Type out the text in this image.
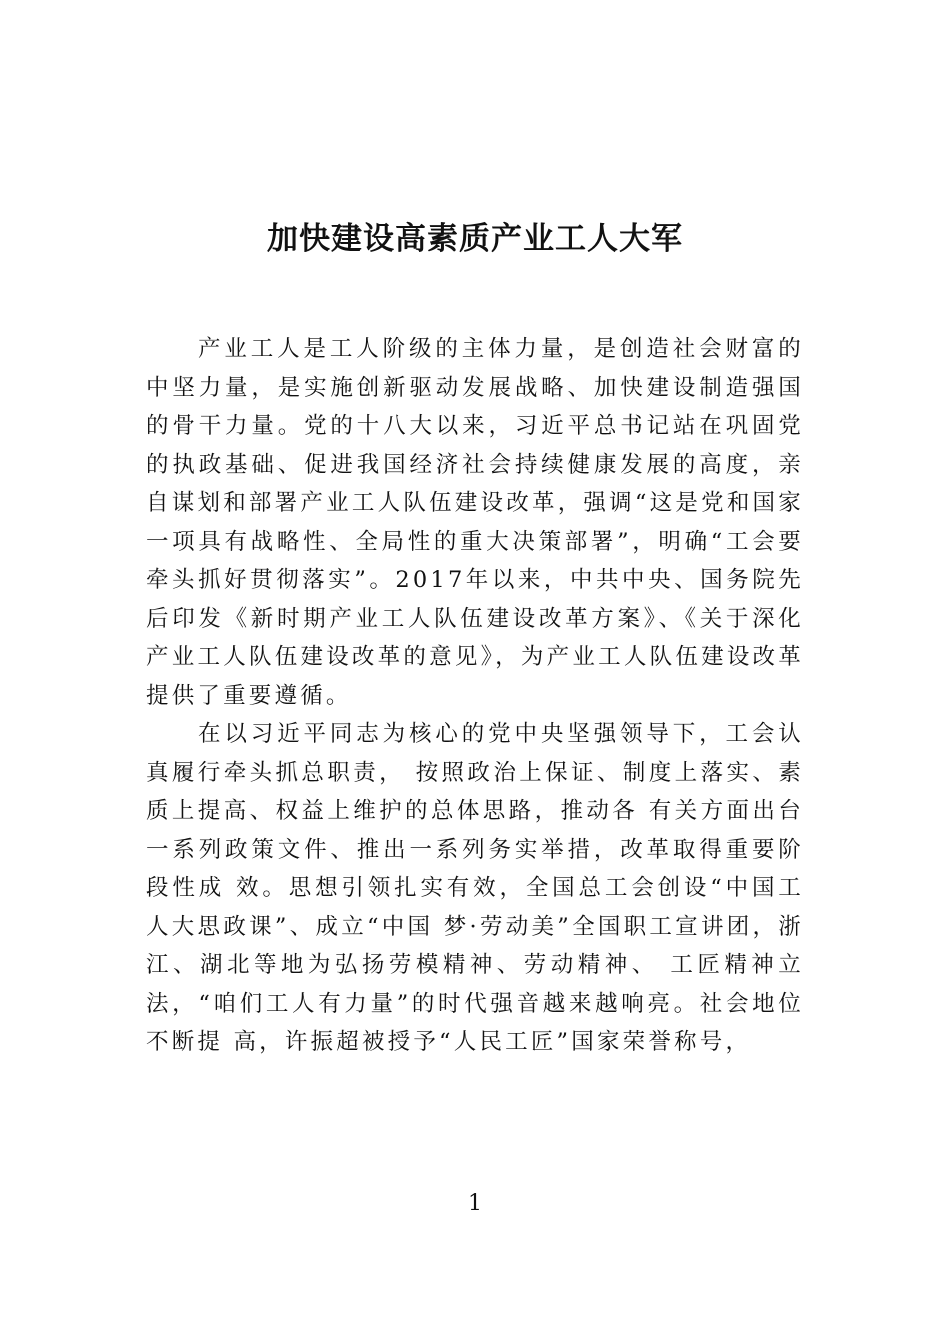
加快建设高素质产业工人大军

产业工人是工人阶级的主体力量，是创造社会财富的中坚力量，是实施创新驱动发展战略、加快建设制造强国的骨干力量。党的十八大以来，习近平总书记站在巩固党的执政基础、促进我国经济社会持续健康发展的高度，亲自谋划和部署产业工人队伍建设改革，强调“这是党和国家一项具有战略性、全局性的重大决策部署”，明确“工会要牵头抓好贯彻落实”。2017年以来，中共中央、国务院先后印发《新时期产业工人队伍建设改革方案》、《关于深化产业工人队伍建设改革的意见》，为产业工人队伍建设改革提供了重要遵循。

在以习近平同志为核心的党中央坚强领导下，工会认真履行牵头抓总职责， 按照政治上保证、制度上落实、素质上提高、权益上维护的总体思路，推动各 有关方面出台一系列政策文件、推出一系列务实举措，改革取得重要阶段性成 效。思想引领扎实有效，全国总工会创设“中国工人大思政课”、成立“中国 梦·劳动美”全国职工宣讲团，浙江、湖北等地为弘扬劳模精神、劳动精神、 工匠精神立法，“咱们工人有力量”的时代强音越来越响亮。社会地位不断提 高，许振超被授予“人民工匠”国家荣誉称号，

1
